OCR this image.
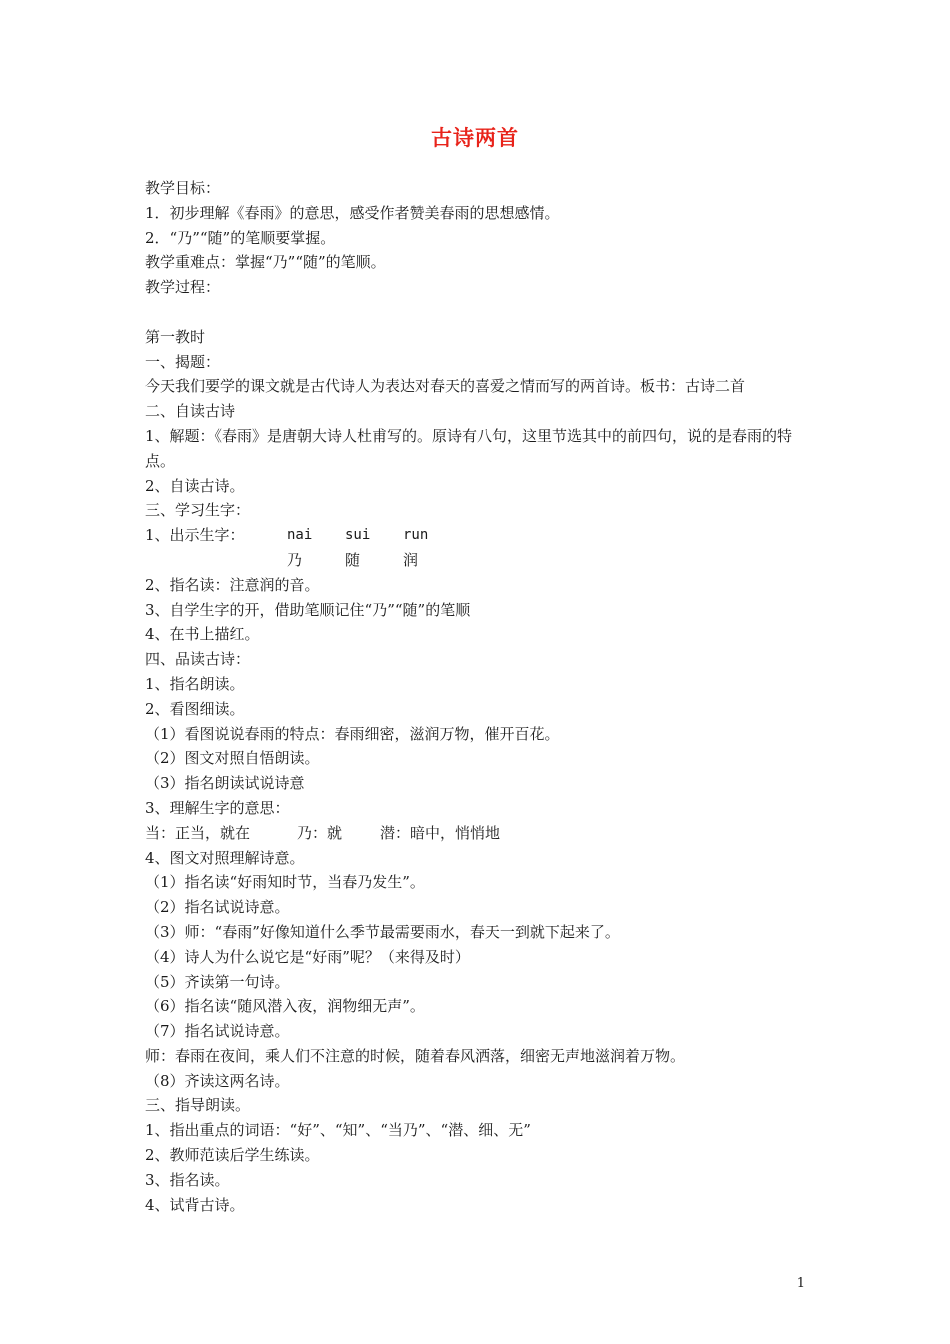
古诗两首
教学目标：
1．初步理解《春雨》的意思，感受作者赞美春雨的思想感情。
2．“乃”“随”的笔顺要掌握。
教学重难点：掌握“乃”“随”的笔顺。
教学过程：
第一教时
一、揭题：
今天我们要学的课文就是古代诗人为表达对春天的喜爱之情而写的两首诗。板书：古诗二首
二、自读古诗
1、解题：《春雨》是唐朝大诗人杜甫写的。原诗有八句，这里节选其中的前四句，说的是春雨的特点。
2、自读古诗。
三、学习生字：
1、出示生字：	nai sui run
乃	随	润
2、指名读：注意润的音。
3、自学生字的开，借助笔顺记住“乃”“随”的笔顺
4、在书上描红。
四、品读古诗：
1、指名朗读。
2、看图细读。
（1）看图说说春雨的特点：春雨细密，滋润万物，催开百花。
（2）图文对照自悟朗读。
（3）指名朗读试说诗意
3、理解生字的意思：
当：正当，就在	乃：就	潜：暗中，悄悄地
4、图文对照理解诗意。
（1）指名读“好雨知时节，当春乃发生”。
（2）指名试说诗意。
（3）师：“春雨”好像知道什么季节最需要雨水，春天一到就下起来了。
（4）诗人为什么说它是“好雨”呢？（来得及时）
（5）齐读第一句诗。
（6）指名读“随风潜入夜，润物细无声”。
（7）指名试说诗意。
师：春雨在夜间，乘人们不注意的时候，随着春风洒落，细密无声地滋润着万物。
（8）齐读这两名诗。
三、指导朗读。
1、指出重点的词语：“好”、“知”、“当乃”、“潜、细、无”
2、教师范读后学生练读。
3、指名读。
4、试背古诗。
1
